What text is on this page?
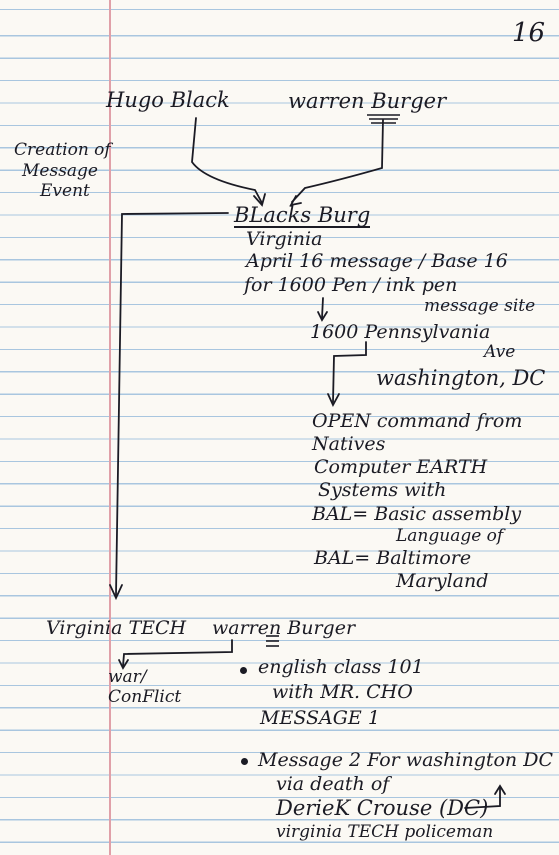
16
Hugo Black	warren Burger
Creation of
Message
Event
BLacks Burg
Virginia
April 16 message / Base 16
for 1600 Pen / ink pen
message site
1600 Pennsylvania
Ave
washington, DC
OPEN command from
Natives
Computer EARTH
Systems with
BAL= Basic assembly
Language of
BAL= Baltimore
Maryland
Virginia TECH warren Burger
war/
ConFlict
english class 101
with MR. CHO
MESSAGE 1
Message 2 For washington DC
via death of
DerieK Crouse (DC)
virginia TECH policeman
